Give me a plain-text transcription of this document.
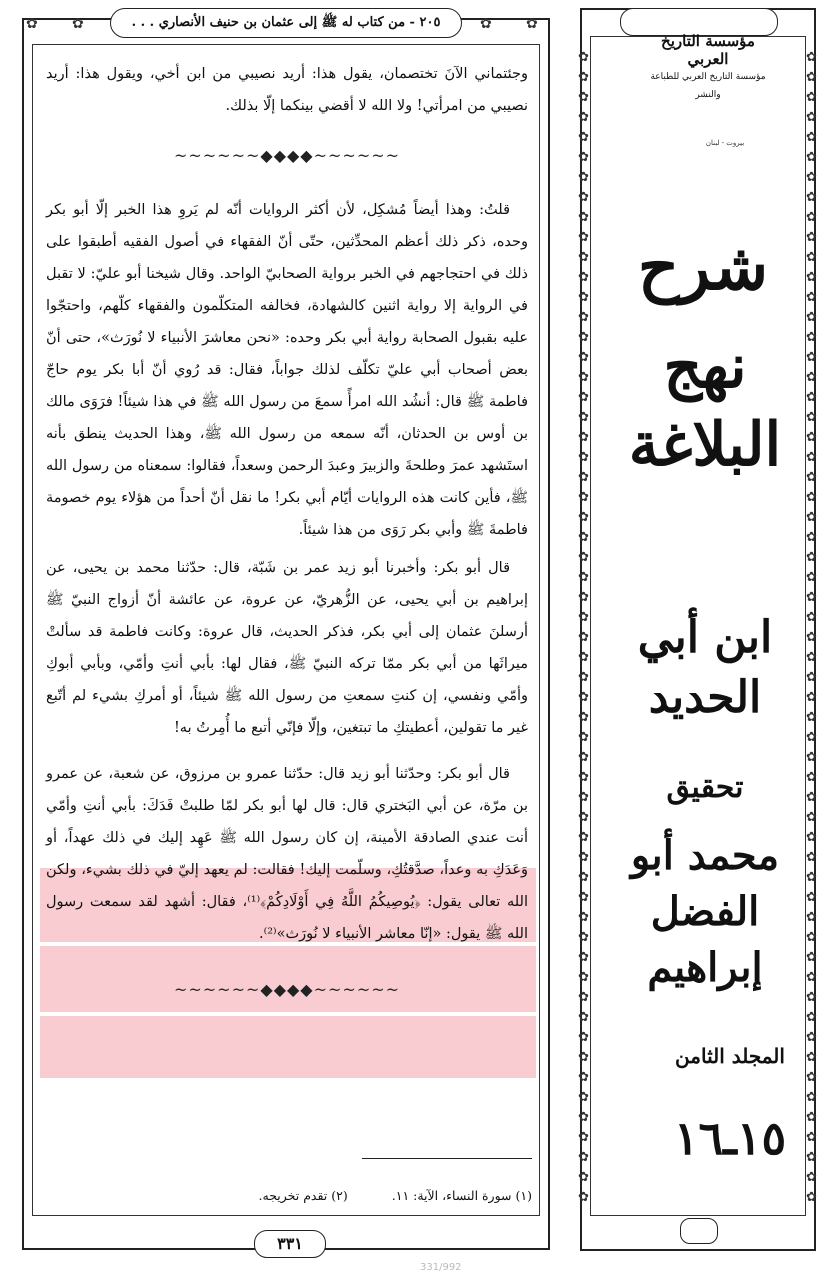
✿ ✿	✿ ✿
٢٠٥ - من كتاب له ﷺ إلى عثمان بن حنيف الأنصاري . . .

وجئتماني الآنَ تختصمان، يقول هذا: أريد نصيبي من ابن أخي، ويقول هذا: أريد نصيبي من امرأتي! ولا الله لا أقضي بينكما إلّا بذلك.

~~~~~~◆◆◆◆~~~~~~

قلتُ: وهذا أيضاً مُشكِل، لأن أكثر الروايات أنّه لم يَروِ هذا الخبر إلّا أبو بكر وحده، ذكر ذلك أعظم المحدِّثين، حتّى أنّ الفقهاء في أصول الفقيه أطبقوا على ذلك في احتجاجهم في الخبر برواية الصحابيّ الواحد. وقال شيخنا أبو عليّ: لا تقبل في الرواية إلا رواية اثنين كالشهادة، فخالفه المتكلّمون والفقهاء كلّهم، واحتجّوا عليه بقبول الصحابة رواية أبي بكر وحده: «نحن معاشرَ الأنبياء لا نُورَث»، حتى أنّ بعض أصحاب أبي عليّ تكلّف لذلك جواباً، فقال: قد رُوي أنّ أبا بكر يوم حاجّ فاطمة ﷺ قال: أنشُد الله امرأً سمعَ من رسول الله ﷺ في هذا شيئاً! فرَوَى مالك بن أوس بن الحدثان، أنّه سمعه من رسول الله ﷺ، وهذا الحديث ينطق بأنه استَشهد عمرَ وطلحةَ والزبيرَ وعبدَ الرحمن وسعداً، فقالوا: سمعناه من رسول الله ﷺ، فأين كانت هذه الروايات أيّام أبي بكر! ما نقل أنّ أحداً من هؤلاء يوم خصومة فاطمةَ ﷺ وأبي بكر رَوَى من هذا شيئاً.

قال أبو بكر: وأخبرنا أبو زيد عمر بن شَبّة، قال: حدّثنا محمد بن يحيى، عن إبراهيم بن أبي يحيى، عن الزُّهريّ، عن عروة، عن عائشة أنّ أزواج النبيّ ﷺ أرسلنَ عثمان إلى أبي بكر، فذكر الحديث، قال عروة: وكانت فاطمة قد سألتْ ميراثَها من أبي بكر ممّا تركه النبيّ ﷺ، فقال لها: بأبي أنتِ وأمّي، وبأبي أبوكِ وأمّي ونفسي، إن كنتِ سمعتِ من رسول الله ﷺ شيئاً، أو أمركِ بشيء لم أتّبع غير ما تقولين، أعطيتكِ ما تبتغين، وإلّا فإنّي أتبع ما أُمِرتُ به!

قال أبو بكر: وحدّثنا أبو زيد قال: حدّثنا عمرو بن مرزوق، عن شعبة، عن عمرو بن مرّة، عن أبي البَختري قال: قال لها أبو بكر لمّا طلبتْ فَدَكَ: بأبي أنتِ وأمّي أنت عندي الصادقة الأمينة، إن كان رسول الله ﷺ عَهِد إليك في ذلك عهداً، أو وَعَدَكِ به وعداً، صدَّقتُكِ، وسلّمت إليك! فقالت: لم يعهد إليّ في ذلك بشيء، ولكن الله تعالى يقول: ﴿يُوصِيكُمُ اللَّهُ فِي أَوْلَادِكُمْ﴾⁽¹⁾، فقال: أشهد لقد سمعت رسول الله ﷺ يقول: «إنّا معاشر الأنبياء لا نُورَث»⁽²⁾.

~~~~~~◆◆◆◆~~~~~~
(١) سورة النساء، الآية: ١١. (٢) تقدم تخريجه.
٣٣١
331/992
✿
✿
✿
✿
✿
✿
✿
✿
✿
✿
✿
✿
✿
✿
✿
✿
✿
✿
✿
✿
✿
✿
✿
✿
✿
✿
✿
✿
✿
✿
✿
✿
✿
✿
✿
✿
✿
✿
✿
✿
✿
✿
✿
✿
✿
✿
✿
✿
✿
✿
✿
✿
✿
✿
✿
✿
✿
✿
✿
✿
✿
✿
✿
✿
✿
✿
✿
✿
✿
✿
✿
✿
✿
✿
✿
✿
✿
✿
✿
✿
✿
✿
✿
✿
✿
✿
✿
✿
✿
✿
✿
✿
✿
✿
✿
✿
✿
✿
✿
✿
✿
✿
✿
✿
✿
✿
✿
✿
✿
✿
✿
✿
✿
✿
✿
✿
مؤسسة التاريخ العربي
مؤسسة التاريخ العربي للطباعة والنشر
بيروت - لبنان
شرح
نهج البلاغة
ابن أبي الحديد
تحقيق
محمد أبو الفضل إبراهيم
المجلد الثامن
١٥ـ١٦
